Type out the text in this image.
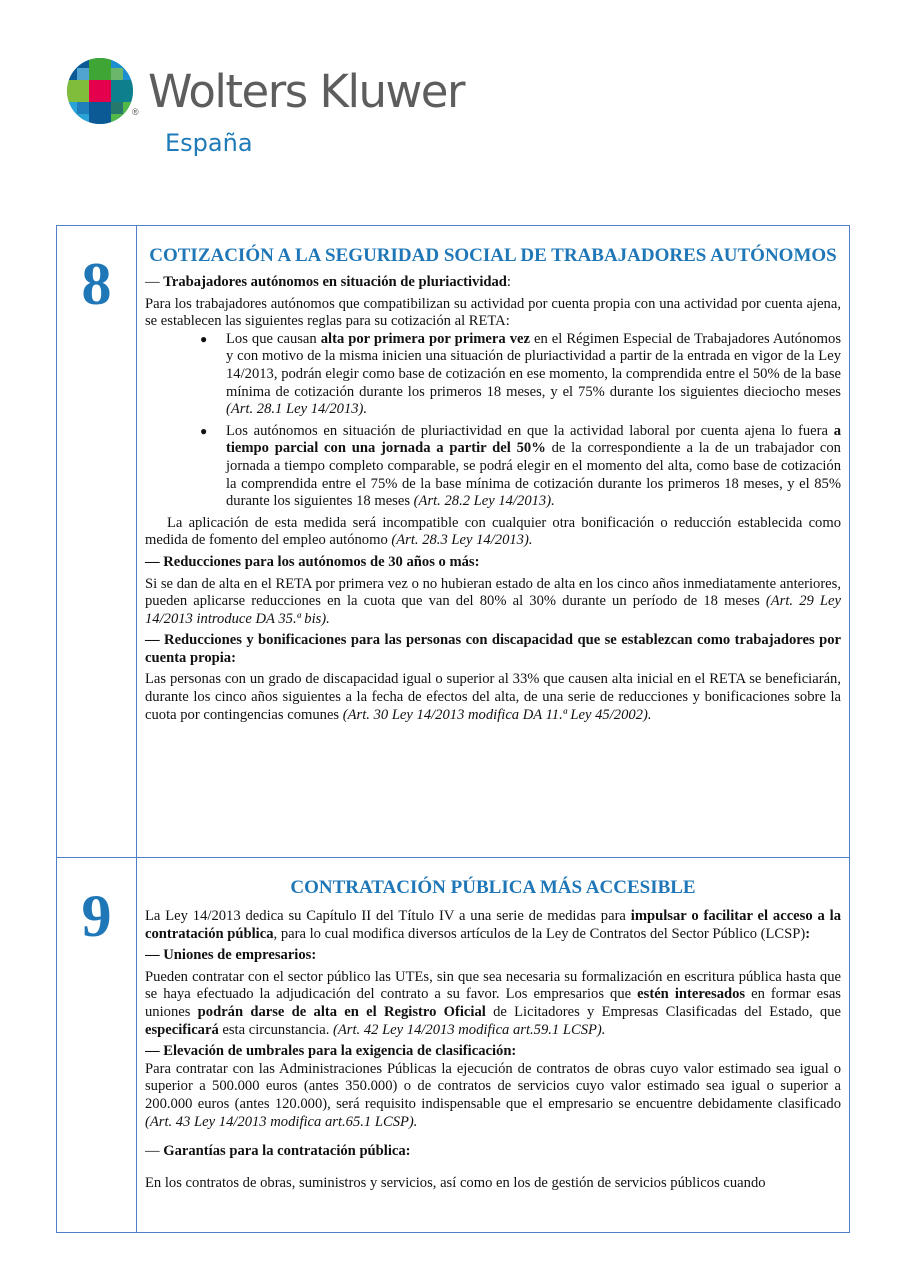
® Wolters Kluwer
España
8	COTIZACIÓN A LA SEGURIDAD SOCIAL DE TRABAJADORES AUTÓNOMOS

— Trabajadores autónomos en situación de pluriactividad:

Para los trabajadores autónomos que compatibilizan su actividad por cuenta propia con una actividad por cuenta ajena, se establecen las siguientes reglas para su cotización al RETA:

● Los que causan alta por primera por primera vez en el Régimen Especial de Trabajadores Autónomos y con motivo de la misma inicien una situación de pluriactividad a partir de la entrada en vigor de la Ley 14/2013, podrán elegir como base de cotización en ese momento, la comprendida entre el 50% de la base mínima de cotización durante los primeros 18 meses, y el 75% durante los siguientes dieciocho meses (Art. 28.1 Ley 14/2013).
● Los autónomos en situación de pluriactividad en que la actividad laboral por cuenta ajena lo fuera a tiempo parcial con una jornada a partir del 50% de la correspondiente a la de un trabajador con jornada a tiempo completo comparable, se podrá elegir en el momento del alta, como base de cotización la comprendida entre el 75% de la base mínima de cotización durante los primeros 18 meses, y el 85% durante los siguientes 18 meses (Art. 28.2 Ley 14/2013).

La aplicación de esta medida será incompatible con cualquier otra bonificación o reducción establecida como medida de fomento del empleo autónomo (Art. 28.3 Ley 14/2013).

— Reducciones para los autónomos de 30 años o más:

Si se dan de alta en el RETA por primera vez o no hubieran estado de alta en los cinco años inmediatamente anteriores, pueden aplicarse reducciones en la cuota que van del 80% al 30% durante un período de 18 meses (Art. 29 Ley 14/2013 introduce DA 35.ª bis).

— Reducciones y bonificaciones para las personas con discapacidad que se establezcan como trabajadores por cuenta propia:

Las personas con un grado de discapacidad igual o superior al 33% que causen alta inicial en el RETA se beneficiarán, durante los cinco años siguientes a la fecha de efectos del alta, de una serie de reducciones y bonificaciones sobre la cuota por contingencias comunes (Art. 30 Ley 14/2013 modifica DA 11.ª Ley 45/2002).

9	CONTRATACIÓN PÚBLICA MÁS ACCESIBLE

La Ley 14/2013 dedica su Capítulo II del Título IV a una serie de medidas para impulsar o facilitar el acceso a la contratación pública, para lo cual modifica diversos artículos de la Ley de Contratos del Sector Público (LCSP):

— Uniones de empresarios:

Pueden contratar con el sector público las UTEs, sin que sea necesaria su formalización en escritura pública hasta que se haya efectuado la adjudicación del contrato a su favor. Los empresarios que estén interesados en formar esas uniones podrán darse de alta en el Registro Oficial de Licitadores y Empresas Clasificadas del Estado, que especificará esta circunstancia. (Art. 42 Ley 14/2013 modifica art.59.1 LCSP).

— Elevación de umbrales para la exigencia de clasificación:

Para contratar con las Administraciones Públicas la ejecución de contratos de obras cuyo valor estimado sea igual o superior a 500.000 euros (antes 350.000) o de contratos de servicios cuyo valor estimado sea igual o superior a 200.000 euros (antes 120.000), será requisito indispensable que el empresario se encuentre debidamente clasificado (Art. 43 Ley 14/2013 modifica art.65.1 LCSP).

— Garantías para la contratación pública:

En los contratos de obras, suministros y servicios, así como en los de gestión de servicios públicos cuando
